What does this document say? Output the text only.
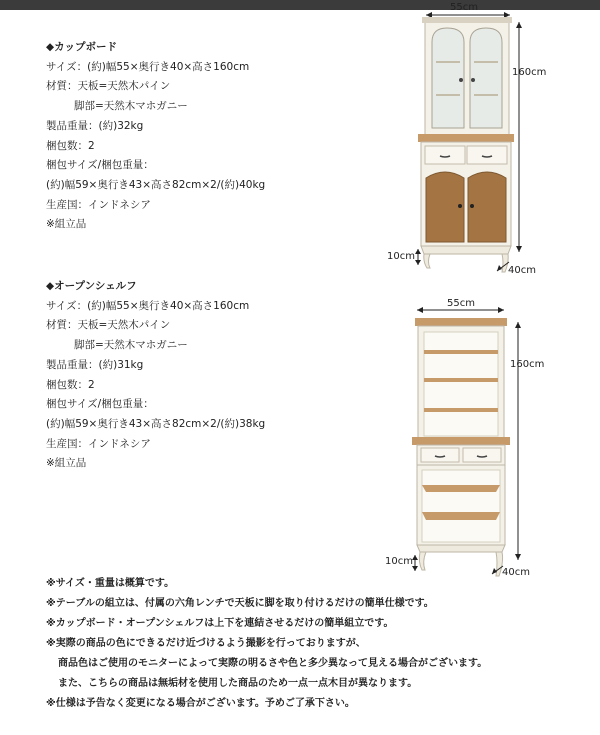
◆カップボード
サイズ：(約)幅55×奥行き40×高さ160cm
材質：天板=天然木パイン
脚部=天然木マホガニー
製品重量：(約)32kg
梱包数：2
梱包サイズ/梱包重量：
(約)幅59×奥行き43×高さ82cm×2/(約)40kg
生産国：インドネシア
※組立品
◆オープンシェルフ
サイズ：(約)幅55×奥行き40×高さ160cm
材質：天板=天然木パイン
脚部=天然木マホガニー
製品重量：(約)31kg
梱包数：2
梱包サイズ/梱包重量：
(約)幅59×奥行き43×高さ82cm×2/(約)38kg
生産国：インドネシア
※組立品
55cm
160cm
10cm
40cm
55cm
160cm
10cm
40cm
※サイズ・重量は概算です。
※テーブルの組立は、付属の六角レンチで天板に脚を取り付けるだけの簡単仕様です。
※カップボード・オープンシェルフは上下を連結させるだけの簡単組立です。
※実際の商品の色にできるだけ近づけるよう撮影を行っておりますが、
商品色はご使用のモニターによって実際の明るさや色と多少異なって見える場合がございます。
また、こちらの商品は無垢材を使用した商品のため一点一点木目が異なります。
※仕様は予告なく変更になる場合がございます。予めご了承下さい。
